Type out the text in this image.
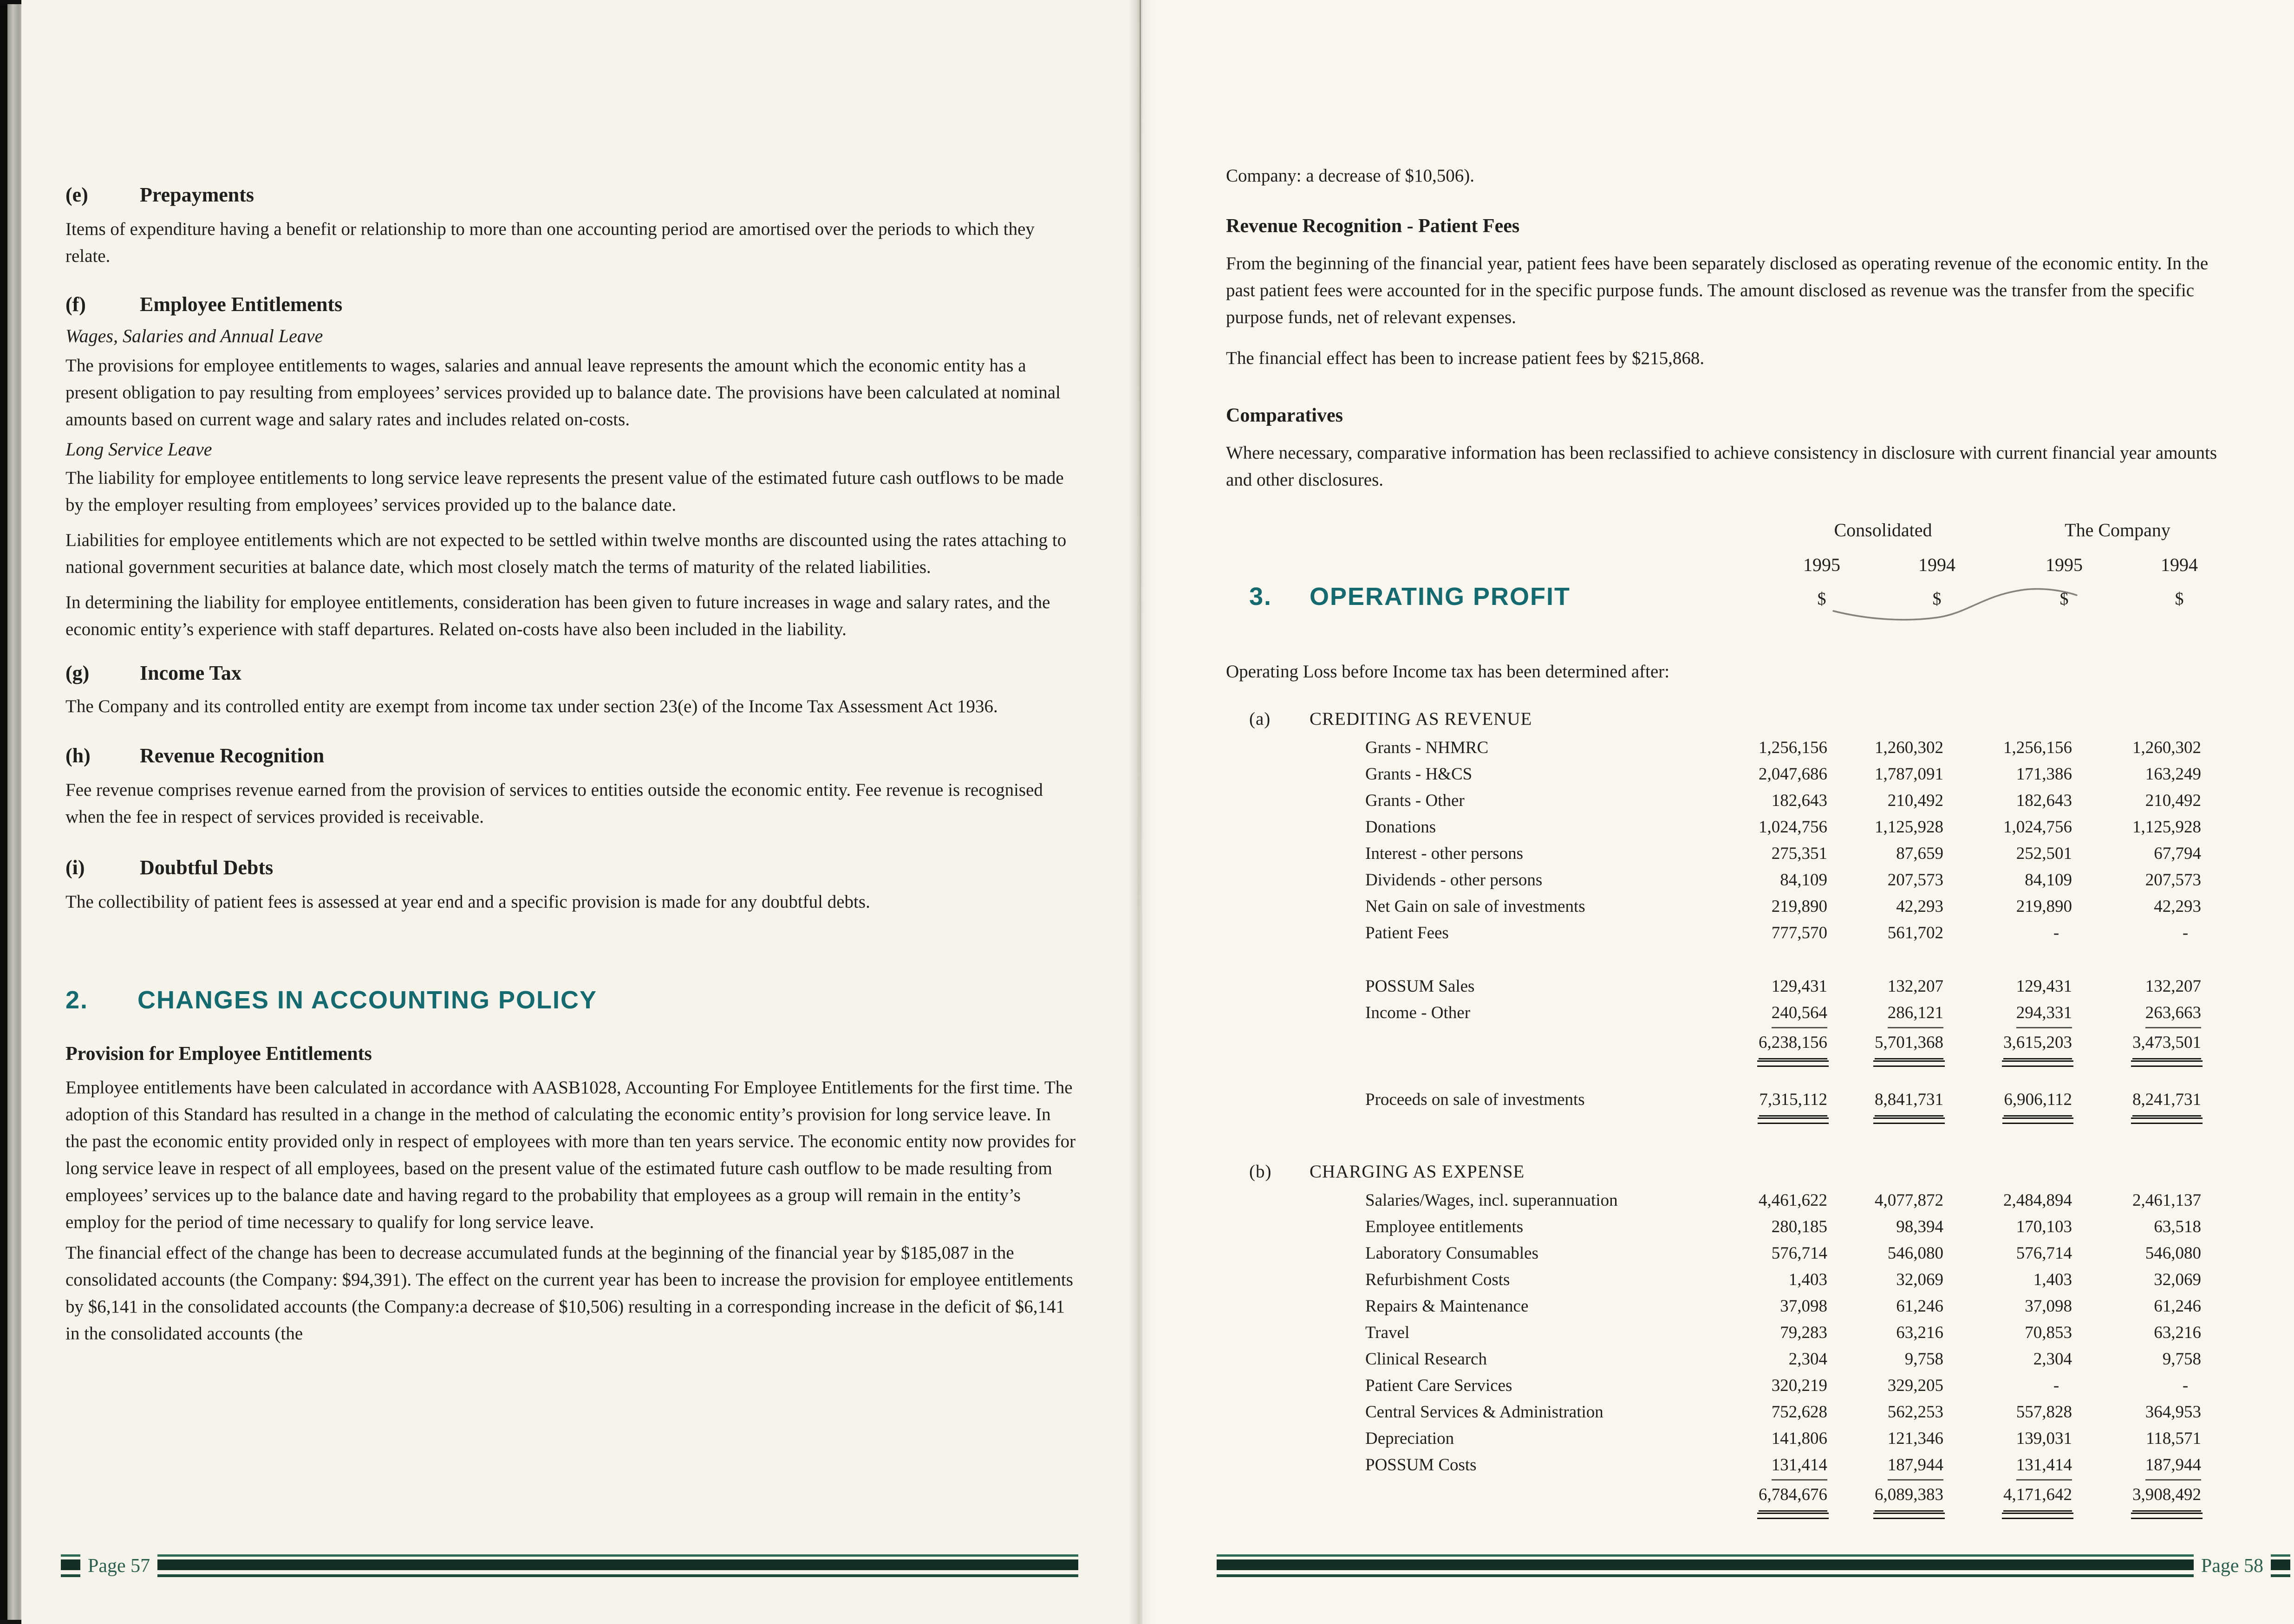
(e)	Prepayments

Items of expenditure having a benefit or relationship to more than one accounting period are amortised over the periods to which they relate.

(f)	Employee Entitlements
Wages, Salaries and Annual Leave

The provisions for employee entitlements to wages, salaries and annual leave represents the amount which the economic entity has a present obligation to pay resulting from employees’ services provided up to balance date. The provisions have been calculated at nominal amounts based on current wage and salary rates and includes related on-costs.

Long Service Leave

The liability for employee entitlements to long service leave represents the present value of the estimated future cash outflows to be made by the employer resulting from employees’ services provided up to the balance date.

Liabilities for employee entitlements which are not expected to be settled within twelve months are discounted using the rates attaching to national government securities at balance date, which most closely match the terms of maturity of the related liabilities.

In determining the liability for employee entitlements, consideration has been given to future increases in wage and salary rates, and the economic entity’s experience with staff departures. Related on-costs have also been included in the liability.

(g)	Income Tax

The Company and its controlled entity are exempt from income tax under section 23(e) of the Income Tax Assessment Act 1936.

(h)	Revenue Recognition

Fee revenue comprises revenue earned from the provision of services to entities outside the economic entity. Fee revenue is recognised when the fee in respect of services provided is receivable.

(i)	Doubtful Debts

The collectibility of patient fees is assessed at year end and a specific provision is made for any doubtful debts.

2.	CHANGES IN ACCOUNTING POLICY
Provision for Employee Entitlements

Employee entitlements have been calculated in accordance with AASB1028, Accounting For Employee Entitlements for the first time. The adoption of this Standard has resulted in a change in the method of calculating the economic entity’s provision for long service leave. In the past the economic entity provided only in respect of employees with more than ten years service. The economic entity now provides for long service leave in respect of all employees, based on the present value of the estimated future cash outflow to be made resulting from employees’ services up to the balance date and having regard to the probability that employees as a group will remain in the entity’s employ for the period of time necessary to qualify for long service leave.

The financial effect of the change has been to decrease accumulated funds at the beginning of the financial year by $185,087 in the consolidated accounts (the Company: $94,391). The effect on the current year has been to increase the provision for employee entitlements by $6,141 in the consolidated accounts (the Company:a decrease of $10,506) resulting in a corresponding increase in the deficit of $6,141 in the consolidated accounts (the

Page 57

Company: a decrease of $10,506).

Revenue Recognition - Patient Fees

From the beginning of the financial year, patient fees have been separately disclosed as operating revenue of the economic entity. In the past patient fees were accounted for in the specific purpose funds. The amount disclosed as revenue was the transfer from the specific purpose funds, net of relevant expenses.

The financial effect has been to increase patient fees by $215,868.

Comparatives

Where necessary, comparative information has been reclassified to achieve consistency in disclosure with current financial year amounts and other disclosures.

Consolidated	The Company
1995	1994	1995	1994
$	$	$	$
3.	OPERATING PROFIT

Operating Loss before Income tax has been determined after:

(a)	CREDITING AS REVENUE
Grants - NHMRC	1,256,156	1,260,302	1,256,156	1,260,302
Grants - H&CS	2,047,686	1,787,091	171,386	163,249
Grants - Other	182,643	210,492	182,643	210,492
Donations	1,024,756	1,125,928	1,024,756	1,125,928
Interest - other persons	275,351	87,659	252,501	67,794
Dividends - other persons	84,109	207,573	84,109	207,573
Net Gain on sale of investments	219,890	42,293	219,890	42,293
Patient Fees	777,570	561,702	-	-
POSSUM Sales	129,431	132,207	129,431	132,207
Income - Other	240,564	286,121	294,331	263,663
	6,238,156	5,701,368	3,615,203	3,473,501
Proceeds on sale of investments	7,315,112	8,841,731	6,906,112	8,241,731
(b)	CHARGING AS EXPENSE
Salaries/Wages, incl. superannuation	4,461,622	4,077,872	2,484,894	2,461,137
Employee entitlements	280,185	98,394	170,103	63,518
Laboratory Consumables	576,714	546,080	576,714	546,080
Refurbishment Costs	1,403	32,069	1,403	32,069
Repairs & Maintenance	37,098	61,246	37,098	61,246
Travel	79,283	63,216	70,853	63,216
Clinical Research	2,304	9,758	2,304	9,758
Patient Care Services	320,219	329,205	-	-
Central Services & Administration	752,628	562,253	557,828	364,953
Depreciation	141,806	121,346	139,031	118,571
POSSUM Costs	131,414	187,944	131,414	187,944
	6,784,676	6,089,383	4,171,642	3,908,492
Page 58
